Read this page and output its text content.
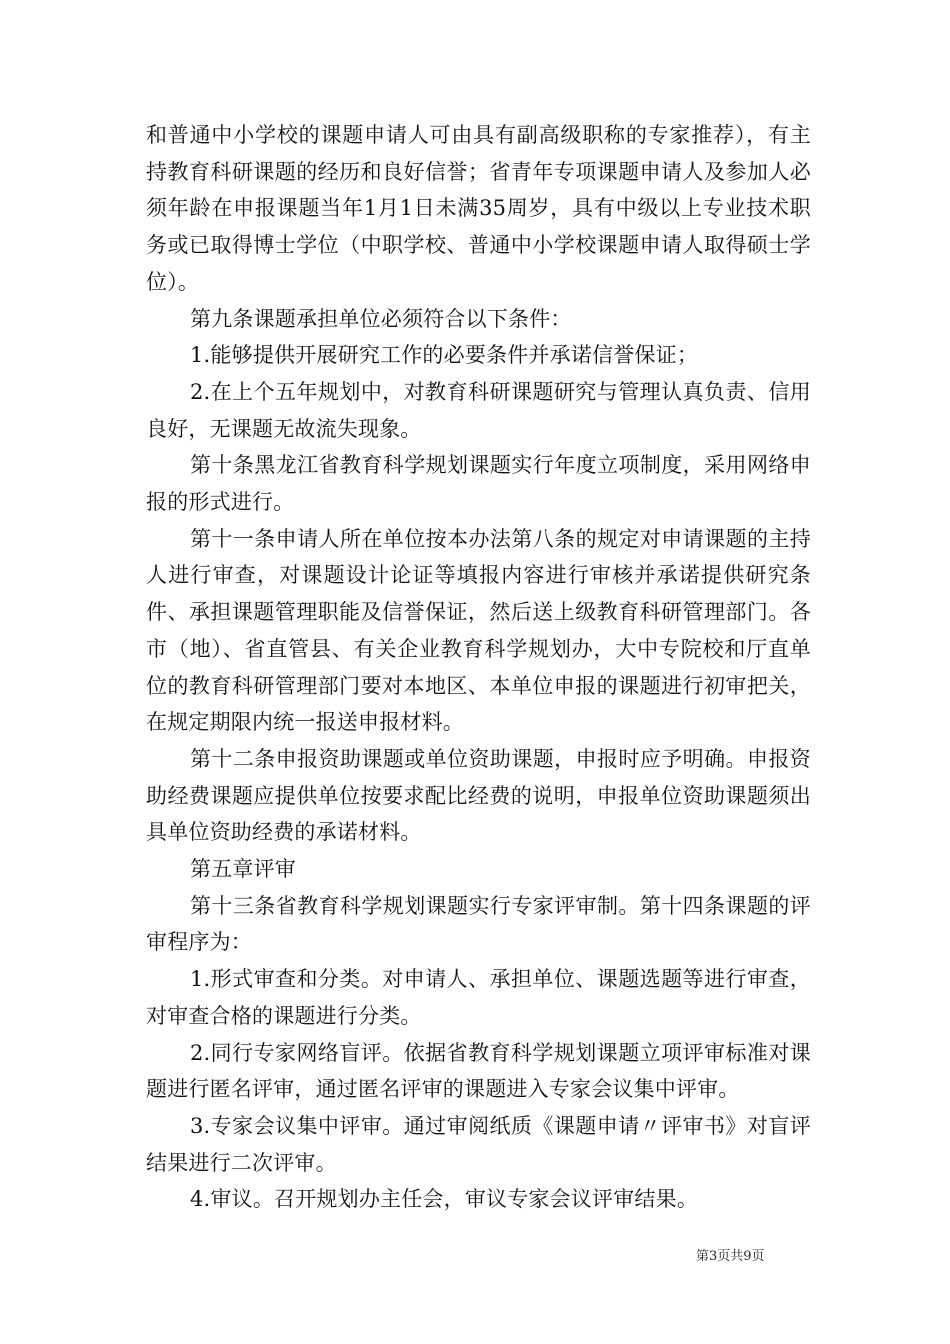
和普通中小学校的课题申请人可由具有副高级职称的专家推荐），有主持教育科研课题的经历和良好信誉；省青年专项课题申请人及参加人必须年龄在申报课题当年1月1日未满35周岁，具有中级以上专业技术职务或已取得博士学位（中职学校、普通中小学校课题申请人取得硕士学位）。

第九条课题承担单位必须符合以下条件：

1.能够提供开展研究工作的必要条件并承诺信誉保证；

2.在上个五年规划中，对教育科研课题研究与管理认真负责、信用良好，无课题无故流失现象。

第十条黑龙江省教育科学规划课题实行年度立项制度，采用网络申报的形式进行。

第十一条申请人所在单位按本办法第八条的规定对申请课题的主持人进行审查，对课题设计论证等填报内容进行审核并承诺提供研究条件、承担课题管理职能及信誉保证，然后送上级教育科研管理部门。各市（地）、省直管县、有关企业教育科学规划办，大中专院校和厅直单位的教育科研管理部门要对本地区、本单位申报的课题进行初审把关，在规定期限内统一报送申报材料。

第十二条申报资助课题或单位资助课题，申报时应予明确。申报资助经费课题应提供单位按要求配比经费的说明，申报单位资助课题须出具单位资助经费的承诺材料。

第五章评审

第十三条省教育科学规划课题实行专家评审制。第十四条课题的评审程序为：

1.形式审查和分类。对申请人、承担单位、课题选题等进行审查，对审查合格的课题进行分类。

2.同行专家网络盲评。依据省教育科学规划课题立项评审标准对课题进行匿名评审，通过匿名评审的课题进入专家会议集中评审。

3.专家会议集中评审。通过审阅纸质《课题申请〃评审书》对盲评结果进行二次评审。

4.审议。召开规划办主任会，审议专家会议评审结果。

第3页共9页
